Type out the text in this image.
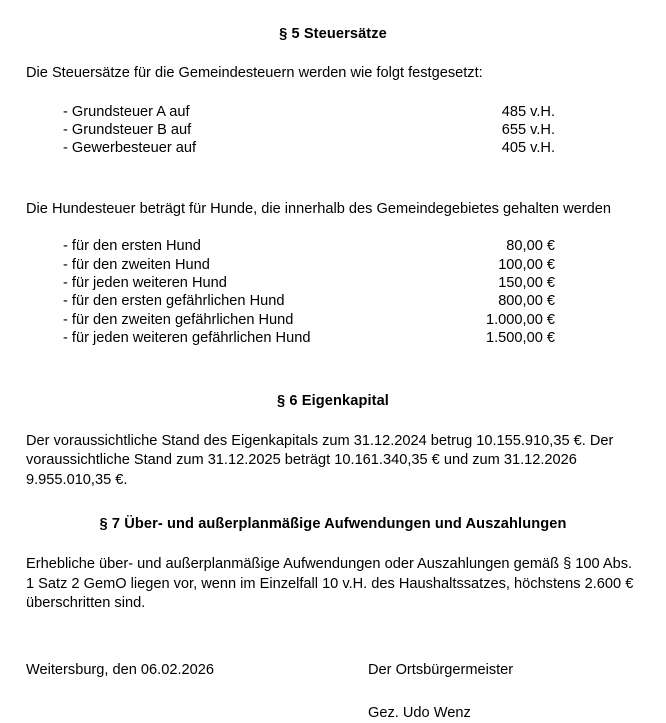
§ 5 Steuersätze

Die Steuersätze für die Gemeindesteuern werden wie folgt festgesetzt:

- Grundsteuer A auf	485 v.H.
- Grundsteuer B auf	655 v.H.
- Gewerbesteuer auf	405 v.H.

Die Hundesteuer beträgt für Hunde, die innerhalb des Gemeindegebietes gehalten werden

- für den ersten Hund	80,00 €
- für den zweiten Hund	100,00 €
- für jeden weiteren Hund	150,00 €
- für den ersten gefährlichen Hund	800,00 €
- für den zweiten gefährlichen Hund	1.000,00 €
- für jeden weiteren gefährlichen Hund	1.500,00 €
§ 6 Eigenkapital

Der voraussichtliche Stand des Eigenkapitals zum 31.12.2024 betrug 10.155.910,35 €. Der voraussichtliche Stand zum 31.12.2025 beträgt 10.161.340,35 € und zum 31.12.2026 9.955.010,35 €.

§ 7 Über- und außerplanmäßige Aufwendungen und Auszahlungen

Erhebliche über- und außerplanmäßige Aufwendungen oder Auszahlungen gemäß § 100 Abs. 1 Satz 2 GemO liegen vor, wenn im Einzelfall 10 v.H. des Haushaltssatzes, höchstens 2.600 € überschritten sind.

Weitersburg, den 06.02.2026	Der Ortsbürgermeister
Gez. Udo Wenz
